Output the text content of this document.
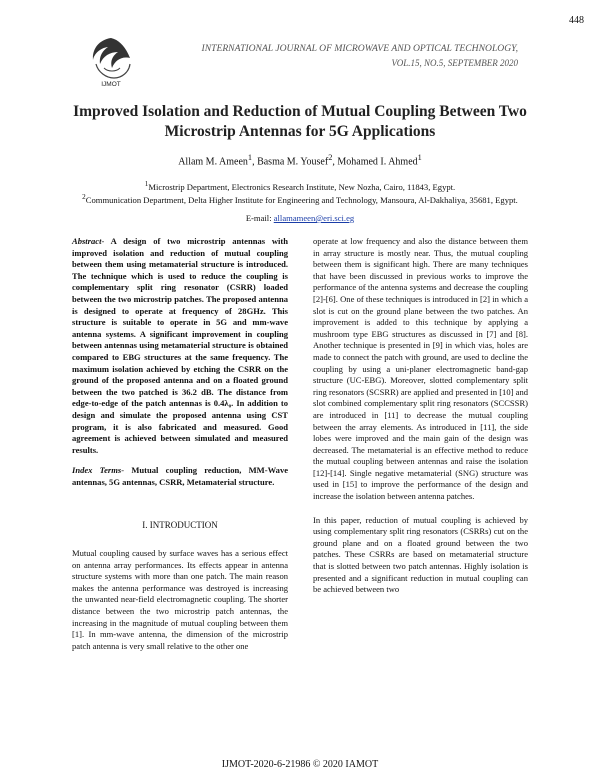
448
IJMOT
INTERNATIONAL JOURNAL OF MICROWAVE AND OPTICAL TECHNOLOGY,
VOL.15, NO.5, SEPTEMBER 2020
Improved Isolation and Reduction of Mutual Coupling Between Two Microstrip Antennas for 5G Applications
Allam M. Ameen$^1$, Basma M. Yousef$^2$, Mohamed I. Ahmed$^1$
$^1$Microstrip Department, Electronics Research Institute, New Nozha, Cairo, 11843, Egypt.
$^2$Communication Department, Delta Higher Institute for Engineering and Technology, Mansoura, Al-Dakhaliya, 35681, Egypt.
E-mail: allamameen@eri.sci.eg

Abstract- A design of two microstrip antennas with improved isolation and reduction of mutual coupling between them using metamaterial structure is introduced. The technique which is used to reduce the coupling is complementary split ring resonator (CSRR) loaded between the two microstrip patches. The proposed antenna is designed to operate at frequency of 28GHz. This structure is suitable to operate in 5G and mm-wave antenna systems. A significant improvement in coupling between antennas using metamaterial structure is obtained compared to EBG structures at the same frequency. The maximum isolation achieved by etching the CSRR on the ground of the proposed antenna and on a floated ground between the two patched is 36.2 dB. The distance from edge-to-edge of the patch antennas is 0.4λ₀. In addition to design and simulate the proposed antenna using CST program, it is also fabricated and measured. Good agreement is achieved between simulated and measured results.

Index Terms- Mutual coupling reduction, MM-Wave antennas, 5G antennas, CSRR, Metamaterial structure.

I. INTRODUCTION

Mutual coupling caused by surface waves has a serious effect on antenna array performances. Its effects appear in antenna structure systems with more than one patch. The main reason makes the antenna performance was destroyed is increasing the unwanted near-field electromagnetic coupling. The shorter distance between the two microstrip patch antennas, the increasing in the magnitude of mutual coupling between them [1]. In mm-wave antenna, the dimension of the microstrip patch antenna is very small relative to the other one

operate at low frequency and also the distance between them in array structure is mostly near. Thus, the mutual coupling between them is significant high. There are many techniques that have been discussed in previous works to improve the performance of the antenna systems and decrease the coupling [2]-[6]. One of these techniques is introduced in [2] in which a slot is cut on the ground plane between the two patches. An improvement is added to this technique by applying a mushroom type EBG structures as discussed in [7] and [8]. Another technique is presented in [9] in which vias, holes are made to connect the patch with ground, are used to decline the coupling by using a uni-planer electromagnetic band-gap structure (UC-EBG). Moreover, slotted complementary split ring resonators (SCSRR) are applied and presented in [10] and slot combined complementary split ring resonators (SCCSSR) are introduced in [11] to decrease the mutual coupling between the array elements. As introduced in [11], the side lobes were improved and the main gain of the design was decreased. The metamaterial is an effective method to reduce the mutual coupling between antennas and raise the isolation [12]-[14]. Single negative metamaterial (SNG) structure was used in [15] to improve the performance of the design and increase the isolation between antenna patches.

In this paper, reduction of mutual coupling is achieved by using complementary split ring resonators (CSRRs) cut on the ground plane and on a floated ground between the two patches. These CSRRs are based on metamaterial structure that is slotted between two patch antennas. Highly isolation is presented and a significant reduction in mutual coupling can be achieved between two

IJMOT-2020-6-21986 © 2020 IAMOT
